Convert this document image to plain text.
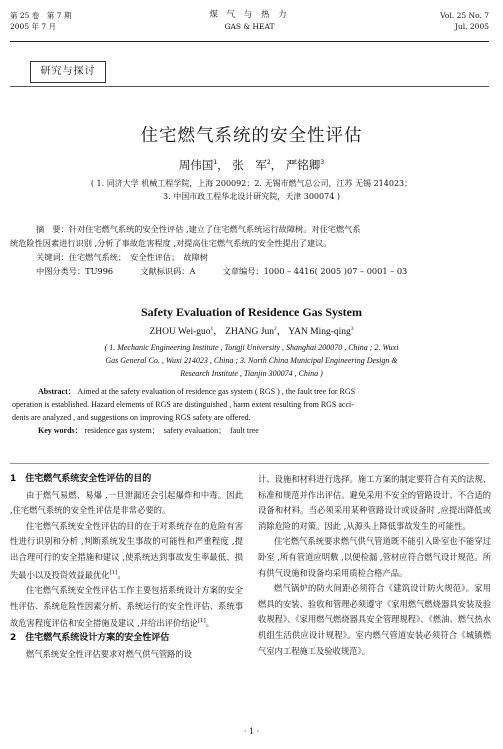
第 25 卷　第 7 期
2005 年 7 月
煤 气 与 热 力
GAS & HEAT
Vol. 25 No. 7
Jul. 2005
研究与探讨
住宅燃气系统的安全性评估
周伟国$^1$， 张　军$^2$， 严铭卿$^3$
( 1. 同济大学 机械工程学院，上海 200092；2. 无锡市燃气总公司，江苏 无锡 214023；
3. 中国市政工程华北设计研究院，天津 300074 )
摘　要：针对住宅燃气系统的安全性评估 ,建立了住宅燃气系统运行故障树。对住宅燃气系
统危险性因素进行识别 ,分析了事故危害程度 ,对提高住宅燃气系统的安全性提出了建议。
关键词：住宅燃气系统；　安全性评估；　故障树
中图分类号：TU996	文献标识码：A	文章编号：1000 – 4416( 2005 )07 – 0001 – 03
Safety Evaluation of Residence Gas System
ZHOU Wei-guo$^1$， ZHANG Jun$^2$， YAN Ming-qing$^3$
( 1. Mechanic Engineering Institute , Tongji University , Shanghai 200070 , China ; 2. Wuxi
Gas General Co. , Wuxi 214023 , China ; 3. North China Municipal Engineering Design &
Research Institute , Tianjin 300074 , China )
Abstract： Aimed at the safety evaluation of residence gas system ( RGS ) , the fault tree for RGS
operation is established. Hazard elements of RGS are distinguished , harm extent resulting from RGS acci-
dents are analyzed , and suggestions on improving RGS safety are offered.
Key words： residence gas system；　safety evaluation；　fault tree
1　住宅燃气系统安全性评估的目的

由于燃气易燃、易爆 ,一旦泄漏还会引起爆炸和中毒。因此 ,住宅燃气系统的安全性评估是非常必要的。

住宅燃气系统安全性评估的目的在于对系统存在的危险有害性进行识别和分析 ,判断系统发生事故的可能性和严重程度 ,提出合理可行的安全措施和建议 ,使系统达到事故发生率最低、损失最小以及投资效益最优化[1]。

住宅燃气系统安全性评估工作主要包括系统设计方案的安全性评估、系统危险性因素分析、系统运行的安全性评估、系统事故危害程度评估和安全措施及建议 ,并给出评价结论[1]。

2　住宅燃气系统设计方案的安全性评估

燃气系统安全性评估要求对燃气供气管路的设

计、设施和材料进行选择。施工方案的制定要符合有关的法规、标准和规范并作出评估。避免采用不安全的管路设计、不合适的设备和材料。当必须采用某种管路设计或设备时 ,应提出降低或消除危险的对策。因此 ,从源头上降低事故发生的可能性。

住宅燃气系统要求燃气供气管道既不能引入卧室也不能穿过卧室 ,所有管道应明敷 ,以便检漏 ,管材应符合燃气设计规范。所有供气设施和设备均采用质检合格产品。

燃气锅炉的防火间距必须符合《建筑设计防火规范》。家用燃具的安装、验收和管理必须遵守《家用燃气燃烧器具安装及验收规程》、《家用燃气燃烧器具安全管理规程》、《燃油、燃气热水机组生活供应设计规程》。室内燃气管道安装必须符合《城镇燃气室内工程施工及验收规范》。

· 1 ·
